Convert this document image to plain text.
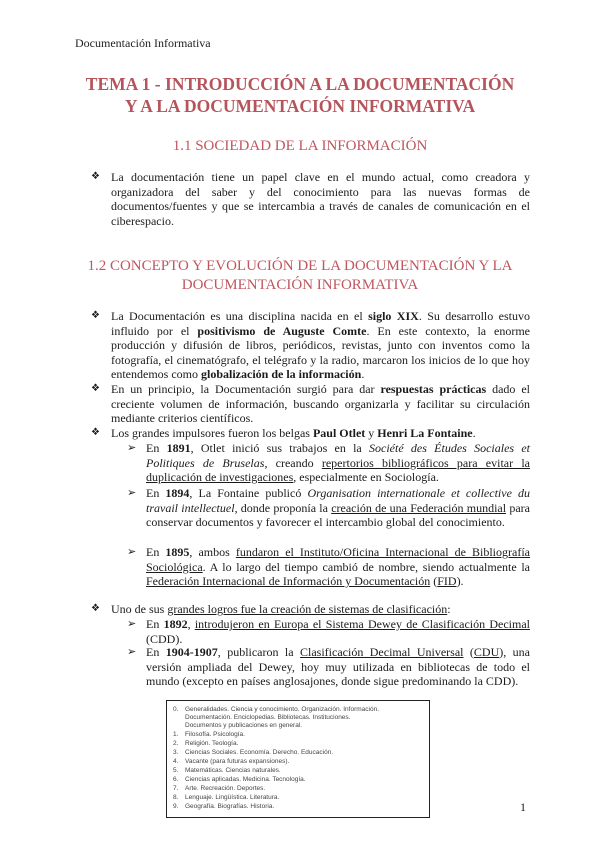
Documentación Informativa
TEMA 1 - INTRODUCCIÓN A LA DOCUMENTACIÓN
Y A LA DOCUMENTACIÓN INFORMATIVA
1.1 SOCIEDAD DE LA INFORMACIÓN
❖ La documentación tiene un papel clave en el mundo actual, como creadora y organizadora del saber y del conocimiento para las nuevas formas de documentos/fuentes y que se intercambia a través de canales de comunicación en el ciberespacio.
1.2 CONCEPTO Y EVOLUCIÓN DE LA DOCUMENTACIÓN Y LA
DOCUMENTACIÓN INFORMATIVA
❖ La Documentación es una disciplina nacida en el siglo XIX. Su desarrollo estuvo influido por el positivismo de Auguste Comte. En este contexto, la enorme producción y difusión de libros, periódicos, revistas, junto con inventos como la fotografía, el cinematógrafo, el telégrafo y la radio, marcaron los inicios de lo que hoy entendemos como globalización de la información.
❖ En un principio, la Documentación surgió para dar respuestas prácticas dado el creciente volumen de información, buscando organizarla y facilitar su circulación mediante criterios científicos.
❖ Los grandes impulsores fueron los belgas Paul Otlet y Henri La Fontaine.
➢ En 1891, Otlet inició sus trabajos en la Société des Études Sociales et Politiques de Bruselas, creando repertorios bibliográficos para evitar la duplicación de investigaciones, especialmente en Sociología.
➢ En 1894, La Fontaine publicó Organisation internationale et collective du travail intellectuel, donde proponía la creación de una Federación mundial para conservar documentos y favorecer el intercambio global del conocimiento.
➢ En 1895, ambos fundaron el Instituto/Oficina Internacional de Bibliografía Sociológica. A lo largo del tiempo cambió de nombre, siendo actualmente la Federación Internacional de Información y Documentación (FID).
❖ Uno de sus grandes logros fue la creación de sistemas de clasificación:
➢ En 1892, introdujeron en Europa el Sistema Dewey de Clasificación Decimal (CDD).
➢ En 1904-1907, publicaron la Clasificación Decimal Universal (CDU), una versión ampliada del Dewey, hoy muy utilizada en bibliotecas de todo el mundo (excepto en países anglosajones, donde sigue predominando la CDD).
0. Generalidades. Ciencia y conocimiento. Organización. Información.
Documentación. Enciclopedias. Bibliotecas. Instituciones.
Documentos y publicaciones en general.
1. Filosofía. Psicología.
2. Religión. Teología.
3. Ciencias Sociales. Economía. Derecho. Educación.
4. Vacante (para futuras expansiones).
5. Matemáticas. Ciencias naturales.
6. Ciencias aplicadas. Medicina. Tecnología.
7. Arte. Recreación. Deportes.
8. Lenguaje. Lingüística. Literatura.
9. Geografía. Biografías. Historia.	1
